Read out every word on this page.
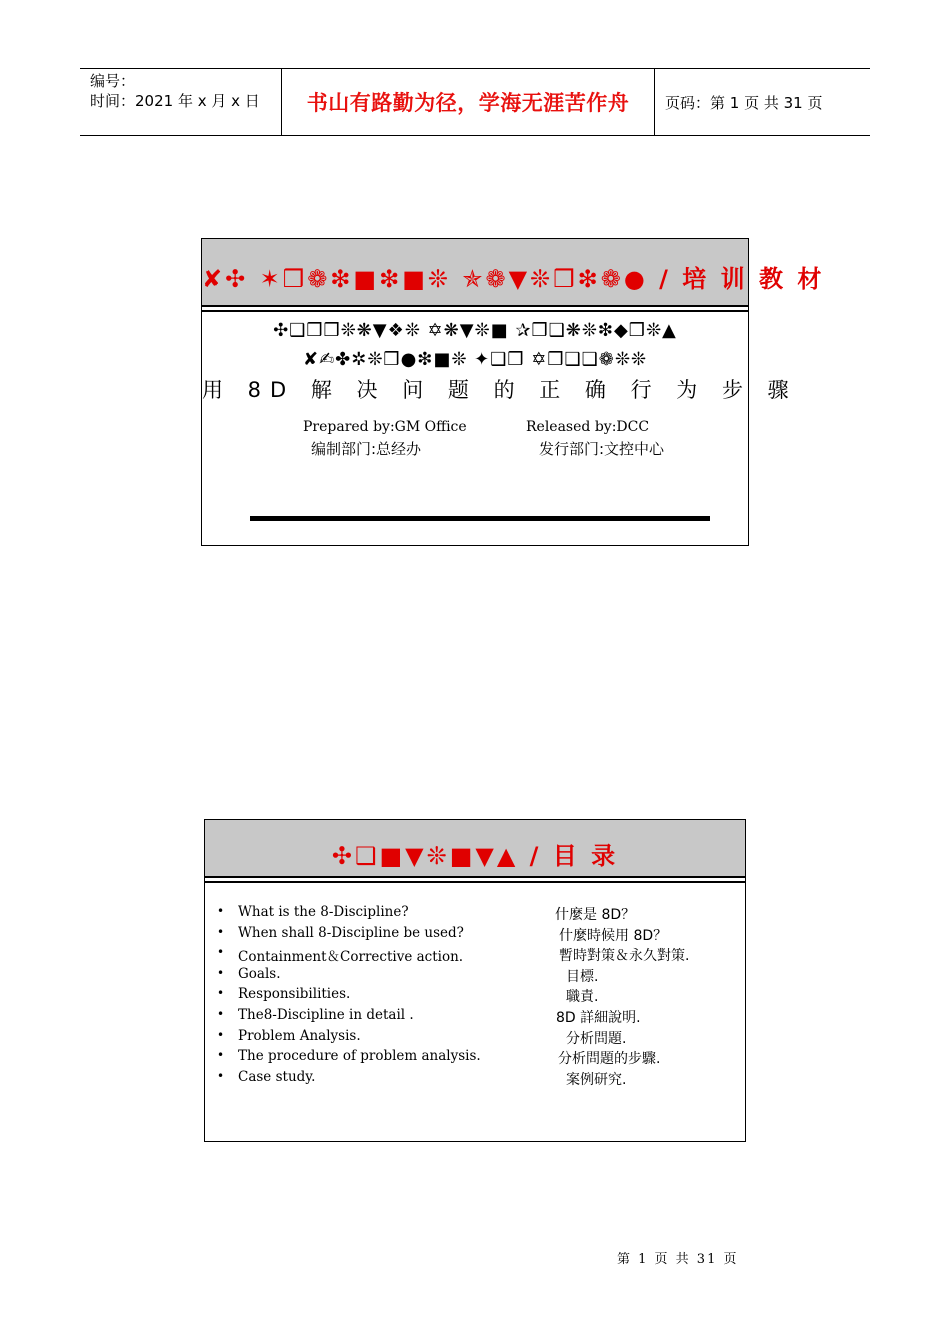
编号：
时间：2021 年 x 月 x 日	书山有路勤为径，学海无涯苦作舟	页码：第 1 页 共 31 页
✘✣ ✶❒❁❇■❇■❊ ✯❁▼❊❒❇❁● / 培 训 教 材
✣❑❒❒❊❋▼❖❊ ✡❋▼❊■ ✰❒❑❋❊❇◆❒❊▲
✘✍✤✲❊❒●❇■❊ ✦❑❒ ✡❒❑❑❁❊❊
用 8D 解 决 问 题 的 正 确 行 为 步 骤
Prepared by:GM Office	Released by:DCC
编制部门:总经办	发行部门:文控中心
✣❑■▼❊■▼▲ / 目 录
• What is the 8-Discipline?	什麼是 8D？
• When shall 8-Discipline be used?	什麼時候用 8D？
• Containment＆Corrective action.	暫時對策＆永久對策.
• Goals.	目標.
• Responsibilities.	職責.
• The8-Discipline in detail .	8D 詳細說明.
• Problem Analysis.	分析問題.
• The procedure of problem analysis.	分析問題的步驟.
• Case study.	案例研究.
第 1 页 共 31 页
